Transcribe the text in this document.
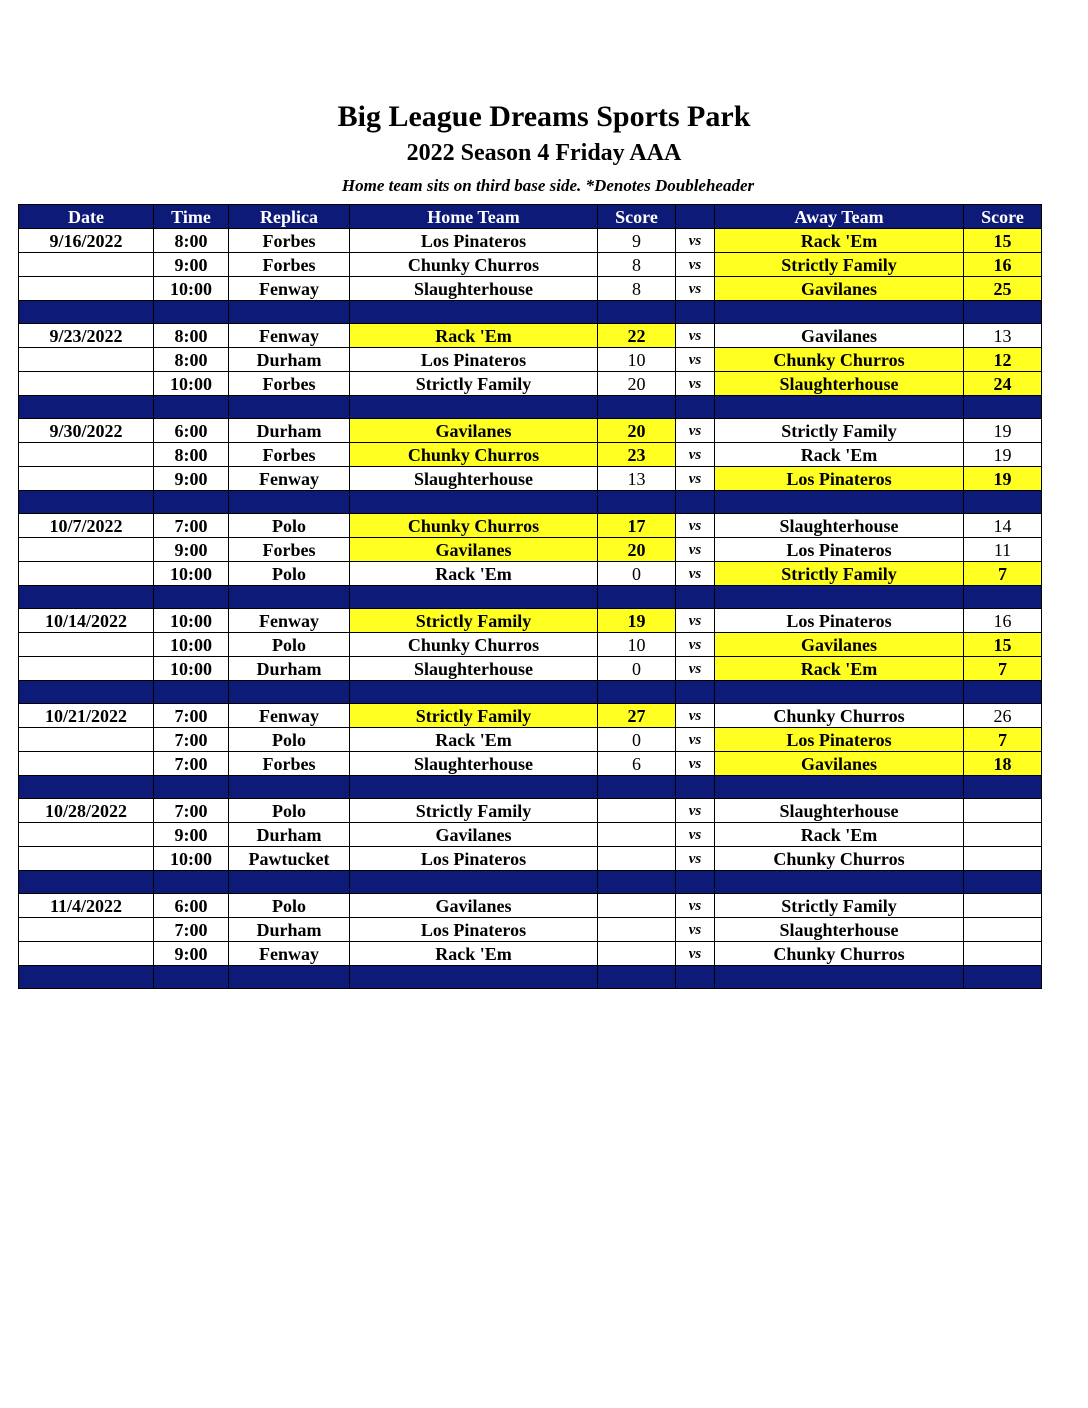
Big League Dreams Sports Park
2022 Season 4 Friday AAA
Home team sits on third base side. *Denotes Doubleheader
Date	Time	Replica	Home Team	Score		Away Team	Score
9/16/2022	8:00	Forbes	Los Pinateros	9	vs	Rack 'Em	15
	9:00	Forbes	Chunky Churros	8	vs	Strictly Family	16
	10:00	Fenway	Slaughterhouse	8	vs	Gavilanes	25

9/23/2022	8:00	Fenway	Rack 'Em	22	vs	Gavilanes	13
	8:00	Durham	Los Pinateros	10	vs	Chunky Churros	12
	10:00	Forbes	Strictly Family	20	vs	Slaughterhouse	24

9/30/2022	6:00	Durham	Gavilanes	20	vs	Strictly Family	19
	8:00	Forbes	Chunky Churros	23	vs	Rack 'Em	19
	9:00	Fenway	Slaughterhouse	13	vs	Los Pinateros	19

10/7/2022	7:00	Polo	Chunky Churros	17	vs	Slaughterhouse	14
	9:00	Forbes	Gavilanes	20	vs	Los Pinateros	11
	10:00	Polo	Rack 'Em	0	vs	Strictly Family	7

10/14/2022	10:00	Fenway	Strictly Family	19	vs	Los Pinateros	16
	10:00	Polo	Chunky Churros	10	vs	Gavilanes	15
	10:00	Durham	Slaughterhouse	0	vs	Rack 'Em	7

10/21/2022	7:00	Fenway	Strictly Family	27	vs	Chunky Churros	26
	7:00	Polo	Rack 'Em	0	vs	Los Pinateros	7
	7:00	Forbes	Slaughterhouse	6	vs	Gavilanes	18

10/28/2022	7:00	Polo	Strictly Family		vs	Slaughterhouse	
	9:00	Durham	Gavilanes		vs	Rack 'Em	
	10:00	Pawtucket	Los Pinateros		vs	Chunky Churros	

11/4/2022	6:00	Polo	Gavilanes		vs	Strictly Family	
	7:00	Durham	Los Pinateros		vs	Slaughterhouse	
	9:00	Fenway	Rack 'Em		vs	Chunky Churros	
